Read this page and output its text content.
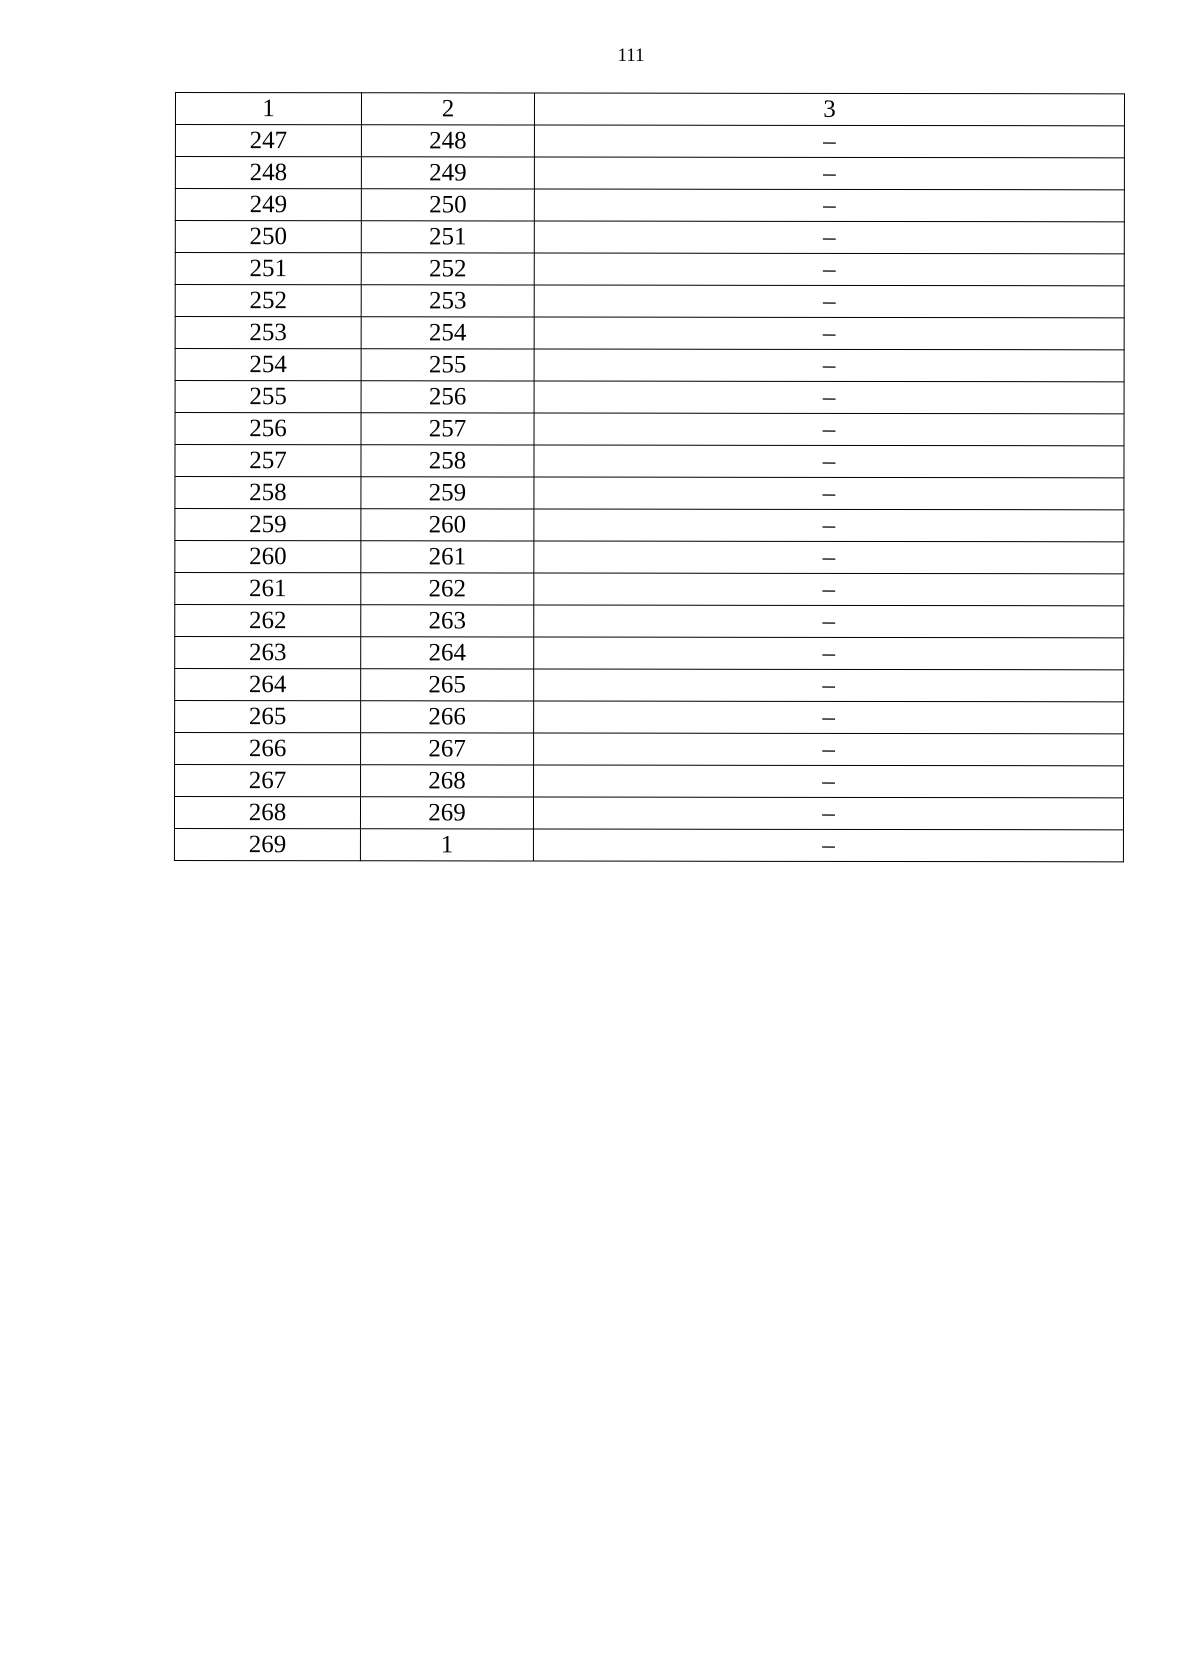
111
1	2	3
247	248	–
248	249	–
249	250	–
250	251	–
251	252	–
252	253	–
253	254	–
254	255	–
255	256	–
256	257	–
257	258	–
258	259	–
259	260	–
260	261	–
261	262	–
262	263	–
263	264	–
264	265	–
265	266	–
266	267	–
267	268	–
268	269	–
269	1	–
